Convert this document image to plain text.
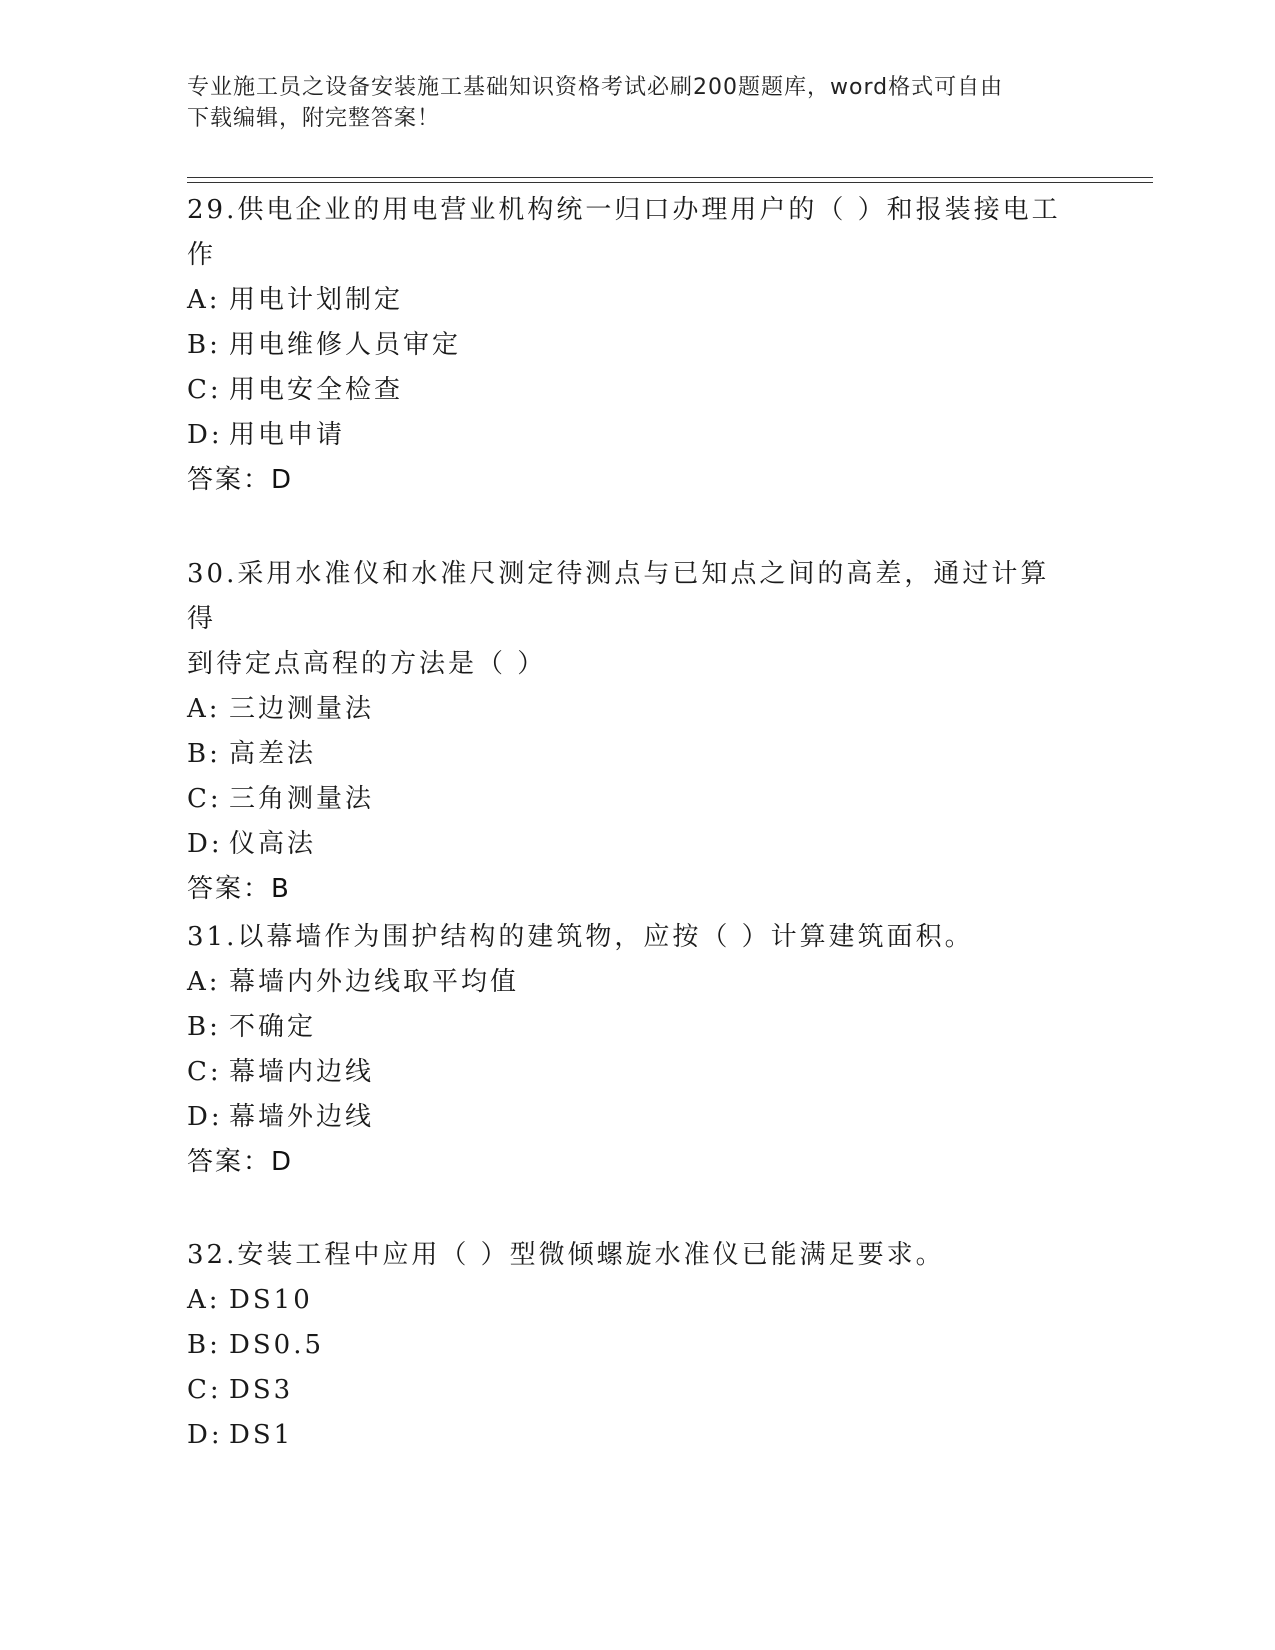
专业施工员之设备安装施工基础知识资格考试必刷200题题库，word格式可自由
下载编辑，附完整答案！

29.供电企业的用电营业机构统一归口办理用户的（ ）和报装接电工

作

A: 用电计划制定

B: 用电维修人员审定

C: 用电安全检查

D: 用电申请

答案：D

30.采用水准仪和水准尺测定待测点与已知点之间的高差，通过计算得

到待定点高程的方法是（ ）

A: 三边测量法

B: 高差法

C: 三角测量法

D: 仪高法

答案：B

31.以幕墙作为围护结构的建筑物，应按（ ）计算建筑面积。

A: 幕墙内外边线取平均值

B: 不确定

C: 幕墙内边线

D: 幕墙外边线

答案：D

32.安装工程中应用（ ）型微倾螺旋水准仪已能满足要求。

A: DS10

B: DS0.5

C: DS3

D: DS1
